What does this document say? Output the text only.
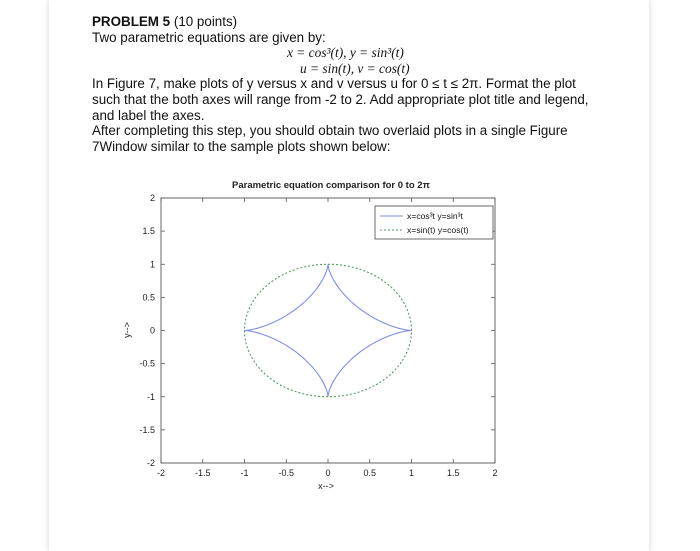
PROBLEM 5 (10 points)
Two parametric equations are given by:
x = cos³(t), y = sin³(t)
u = sin(t), v = cos(t)
In Figure 7, make plots of y versus x and v versus u for 0 ≤ t ≤ 2π. Format the plot
such that the both axes will range from -2 to 2. Add appropriate plot title and legend,
and label the axes.
After completing this step, you should obtain two overlaid plots in a single Figure
7Window similar to the sample plots shown below:
Parametric equation comparison for 0 to 2π
-2	-1.5	-1	-0.5	0	0.5	1	1.5	2
2
1.5
1
0.5
0
-0.5
-1
-1.5
-2
x=cos³t y=sin³t
x=sin(t) y=cos(t)
x-->
y-->
